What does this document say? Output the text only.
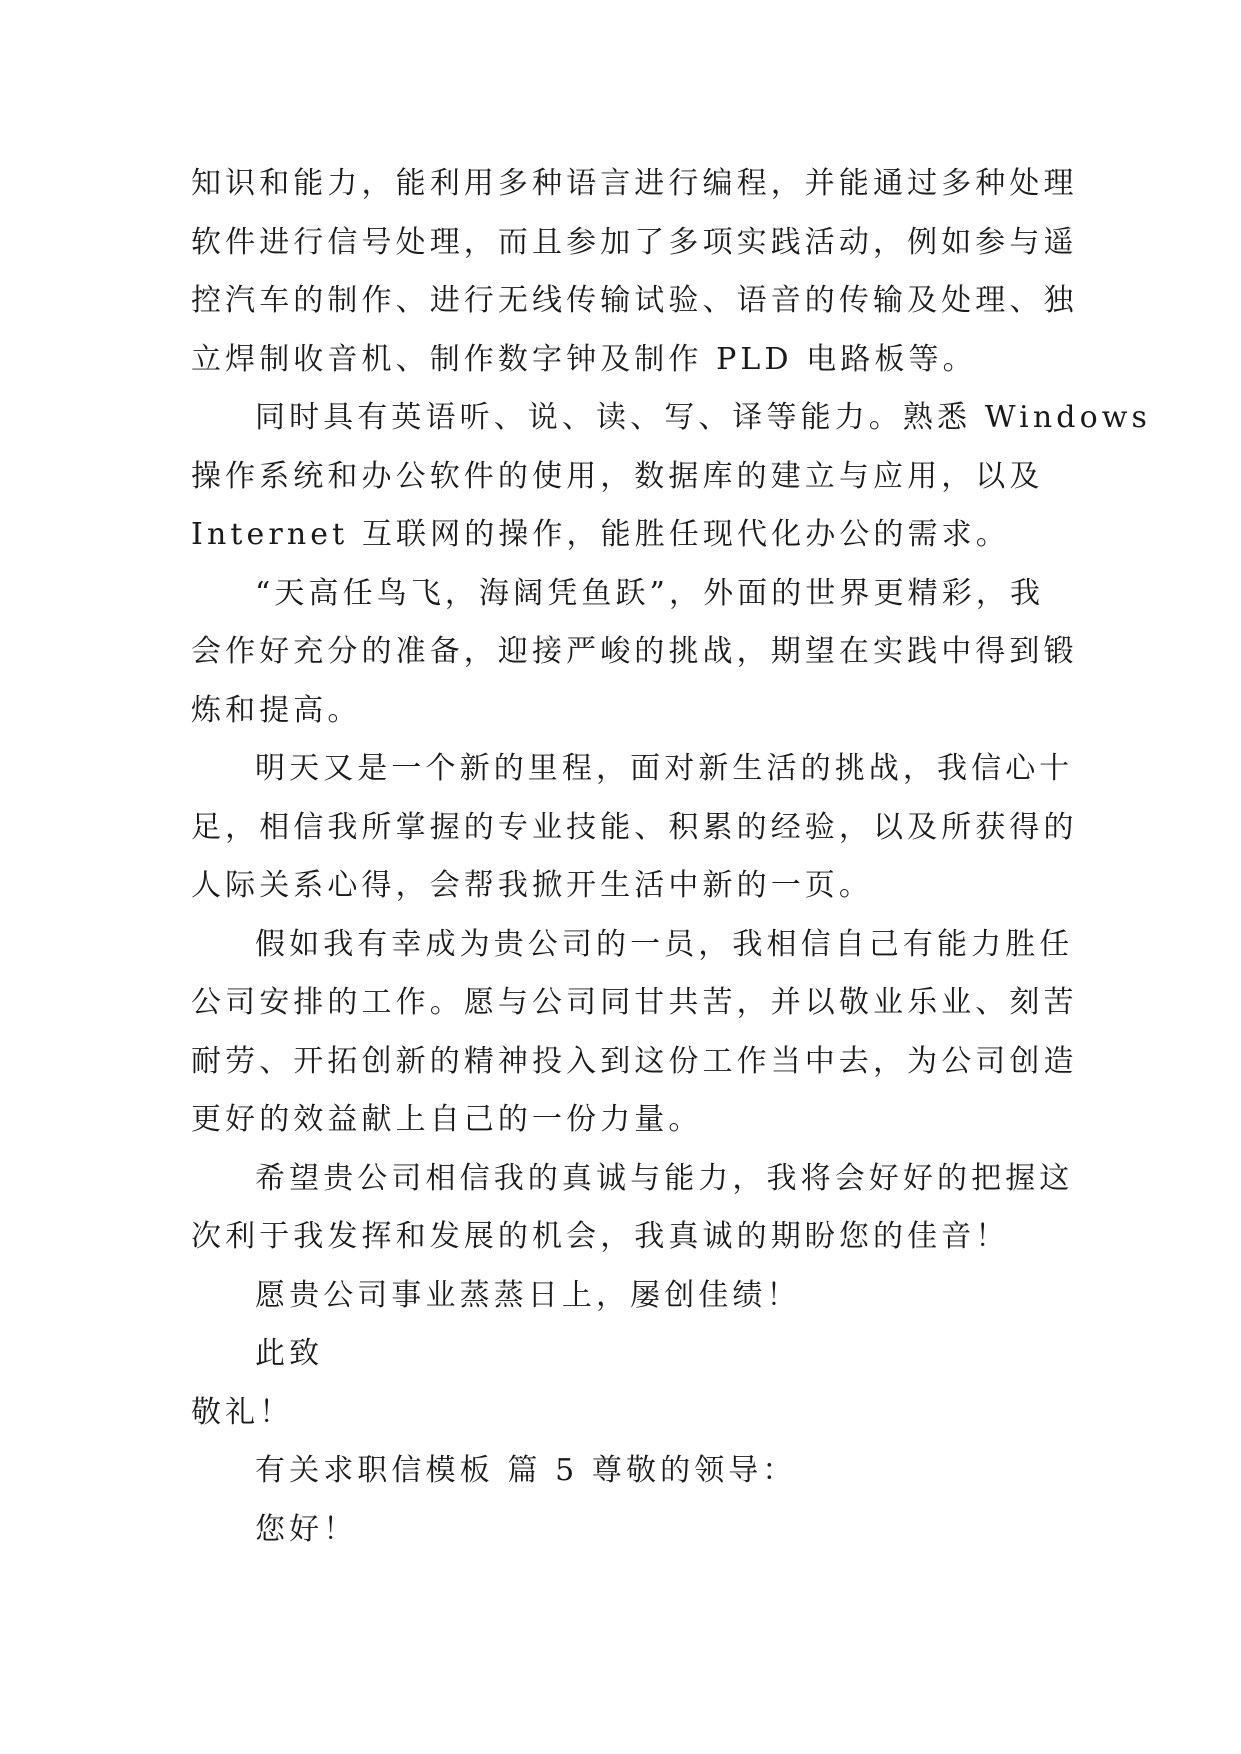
知识和能力，能利用多种语言进行编程，并能通过多种处理
软件进行信号处理，而且参加了多项实践活动，例如参与遥
控汽车的制作、进行无线传输试验、语音的传输及处理、独
立焊制收音机、制作数字钟及制作 PLD 电路板等。
同时具有英语听、说、读、写、译等能力。熟悉 Windows
操作系统和办公软件的使用，数据库的建立与应用，以及
Internet 互联网的操作，能胜任现代化办公的需求。
“天高任鸟飞，海阔凭鱼跃”，外面的世界更精彩，我
会作好充分的准备，迎接严峻的挑战，期望在实践中得到锻
炼和提高。
明天又是一个新的里程，面对新生活的挑战，我信心十
足，相信我所掌握的专业技能、积累的经验，以及所获得的
人际关系心得，会帮我掀开生活中新的一页。
假如我有幸成为贵公司的一员，我相信自己有能力胜任
公司安排的工作。愿与公司同甘共苦，并以敬业乐业、刻苦
耐劳、开拓创新的精神投入到这份工作当中去，为公司创造
更好的效益献上自己的一份力量。
希望贵公司相信我的真诚与能力，我将会好好的把握这
次利于我发挥和发展的机会，我真诚的期盼您的佳音！
愿贵公司事业蒸蒸日上，屡创佳绩！
此致
敬礼！
有关求职信模板 篇 5 尊敬的领导：
您好！
